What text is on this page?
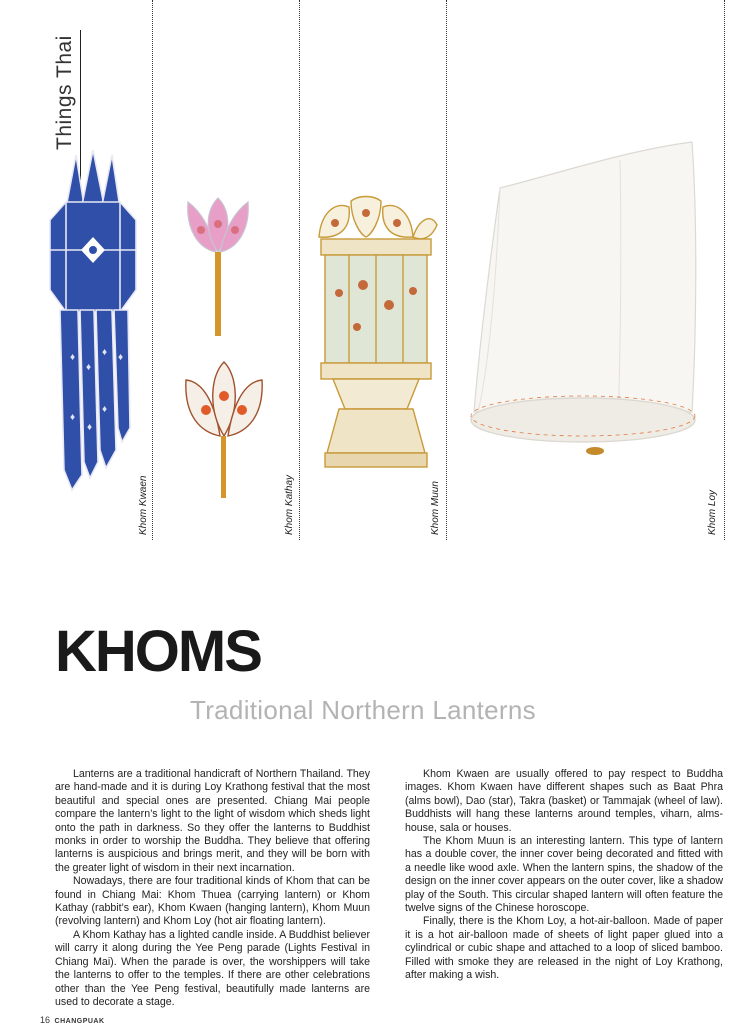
Things Thai
♦
♦
♦
♦
♦
♦
♦
Khom Kwaen	Khom Kathay	Khom Muun	Khom Loy
KHOMS
Traditional Northern Lanterns

Lanterns are a traditional handicraft of Northern Thailand. They are hand-made and it is during Loy Krathong festival that the most beautiful and special ones are presented. Chiang Mai people compare the lantern’s light to the light of wisdom which sheds light onto the path in darkness. So they offer the lanterns to Buddhist monks in order to worship the Buddha. They believe that offering lanterns is auspicious and brings merit, and they will be born with the greater light of wisdom in their next incarnation.

Nowadays, there are four traditional kinds of Khom that can be found in Chiang Mai: Khom Thuea (carrying lantern) or Khom Kathay (rabbit’s ear), Khom Kwaen (hanging lantern), Khom Muun (revolving lantern) and Khom Loy (hot air floating lantern).

A Khom Kathay has a lighted candle inside. A Buddhist believer will carry it along during the Yee Peng parade (Lights Festival in Chiang Mai). When the parade is over, the worshippers will take the lanterns to offer to the temples. If there are other celebrations other than the Yee Peng festival, beautifully made lanterns are used to decorate a stage.

Khom Kwaen are usually offered to pay respect to Buddha images. Khom Kwaen have different shapes such as Baat Phra (alms bowl), Dao (star), Takra (basket) or Tammajak (wheel of law). Buddhists will hang these lanterns around temples, viharn, alms-house, sala or houses.

The Khom Muun is an interesting lantern. This type of lantern has a double cover, the inner cover being decorated and fitted with a needle like wood axle. When the lantern spins, the shadow of the design on the inner cover appears on the outer cover, like a shadow play of the South. This circular shaped lantern will often feature the twelve signs of the Chinese horoscope.

Finally, there is the Khom Loy, a hot-air-balloon. Made of paper it is a hot air-balloon made of sheets of light paper glued into a cylindrical or cubic shape and attached to a loop of sliced bamboo. Filled with smoke they are released in the night of Loy Krathong, after making a wish.

16 CHANGPUAK
